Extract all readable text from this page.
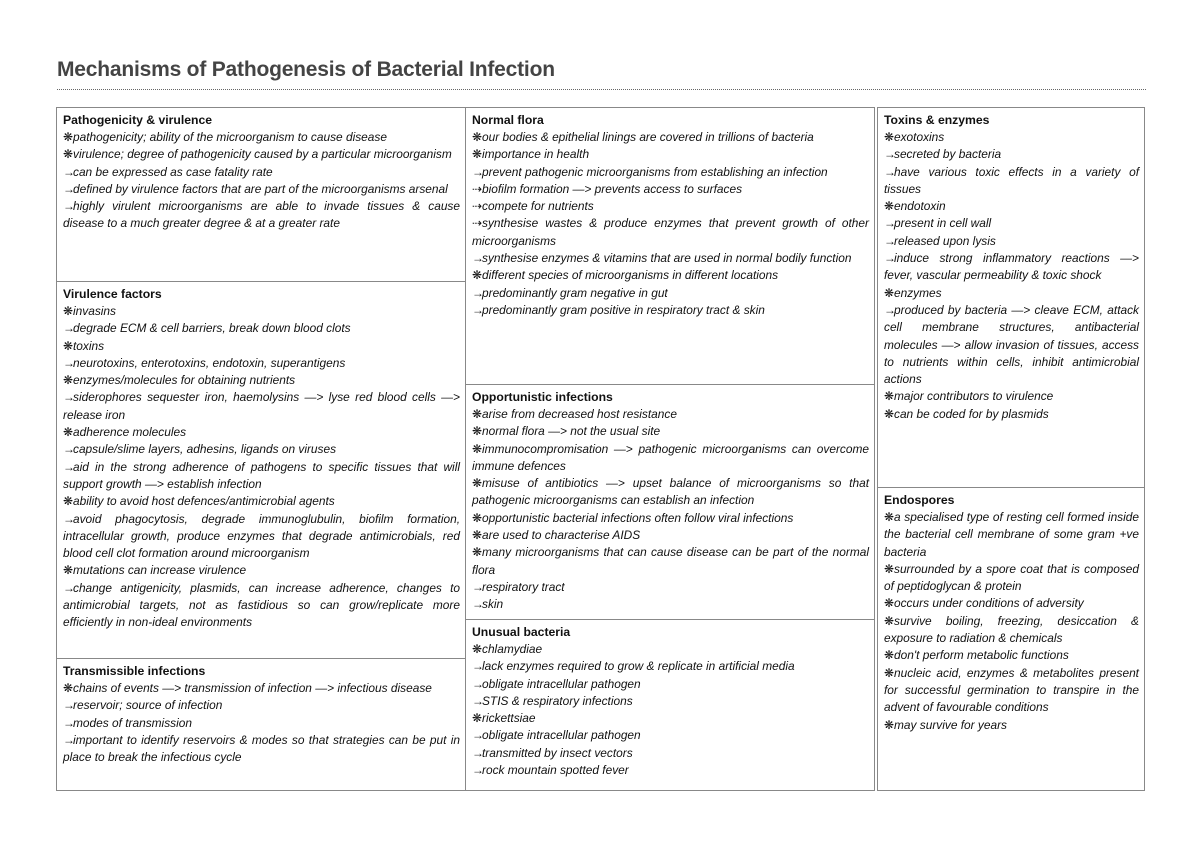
Mechanisms of Pathogenesis of Bacterial Infection
Pathogenicity & virulence
❋pathogenicity; ability of the microorganism to cause disease
❋virulence; degree of pathogenicity caused by a particular microorganism
→can be expressed as case fatality rate
→defined by virulence factors that are part of the microorganisms arsenal
→highly virulent microorganisms are able to invade tissues & cause disease to a much greater degree & at a greater rate
Virulence factors
❋invasins
→degrade ECM & cell barriers, break down blood clots
❋toxins
→neurotoxins, enterotoxins, endotoxin, superantigens
❋enzymes/molecules for obtaining nutrients
→siderophores sequester iron, haemolysins —> lyse red blood cells —> release iron
❋adherence molecules
→capsule/slime layers, adhesins, ligands on viruses
→aid in the strong adherence of pathogens to specific tissues that will support growth —> establish infection
❋ability to avoid host defences/antimicrobial agents
→avoid phagocytosis, degrade immunoglubulin, biofilm formation, intracellular growth, produce enzymes that degrade antimicrobials, red blood cell clot formation around microorganism
❋mutations can increase virulence
→change antigenicity, plasmids, can increase adherence, changes to antimicrobial targets, not as fastidious so can grow/replicate more efficiently in non-ideal environments
Transmissible infections
❋chains of events —> transmission of infection —> infectious disease
→reservoir; source of infection
→modes of transmission
→important to identify reservoirs & modes so that strategies can be put in place to break the infectious cycle
Normal flora
❋our bodies & epithelial linings are covered in trillions of bacteria
❋importance in health
→prevent pathogenic microorganisms from establishing an infection
⇢biofilm formation —> prevents access to surfaces
⇢compete for nutrients
⇢synthesise wastes & produce enzymes that prevent growth of other microorganisms
→synthesise enzymes & vitamins that are used in normal bodily function
❋different species of microorganisms in different locations
→predominantly gram negative in gut
→predominantly gram positive in respiratory tract & skin
Opportunistic infections
❋arise from decreased host resistance
❋normal flora —> not the usual site
❋immunocompromisation —> pathogenic microorganisms can overcome immune defences
❋misuse of antibiotics —> upset balance of microorganisms so that pathogenic microorganisms can establish an infection
❋opportunistic bacterial infections often follow viral infections
❋are used to characterise AIDS
❋many microorganisms that can cause disease can be part of the normal flora
→respiratory tract
→skin
Unusual bacteria
❋chlamydiae
→lack enzymes required to grow & replicate in artificial media
→obligate intracellular pathogen
→STIS & respiratory infections
❋rickettsiae
→obligate intracellular pathogen
→transmitted by insect vectors
→rock mountain spotted fever
Toxins & enzymes
❋exotoxins
→secreted by bacteria
→have various toxic effects in a variety of tissues
❋endotoxin
→present in cell wall
→released upon lysis
→induce strong inflammatory reactions —> fever, vascular permeability & toxic shock
❋enzymes
→produced by bacteria —> cleave ECM, attack cell membrane structures, antibacterial molecules —> allow invasion of tissues, access to nutrients within cells, inhibit antimicrobial actions
❋major contributors to virulence
❋can be coded for by plasmids
Endospores
❋a specialised type of resting cell formed inside the bacterial cell membrane of some gram +ve bacteria
❋surrounded by a spore coat that is composed of peptidoglycan & protein
❋occurs under conditions of adversity
❋survive boiling, freezing, desiccation & exposure to radiation & chemicals
❋don't perform metabolic functions
❋nucleic acid, enzymes & metabolites present for successful germination to transpire in the advent of favourable conditions
❋may survive for years
